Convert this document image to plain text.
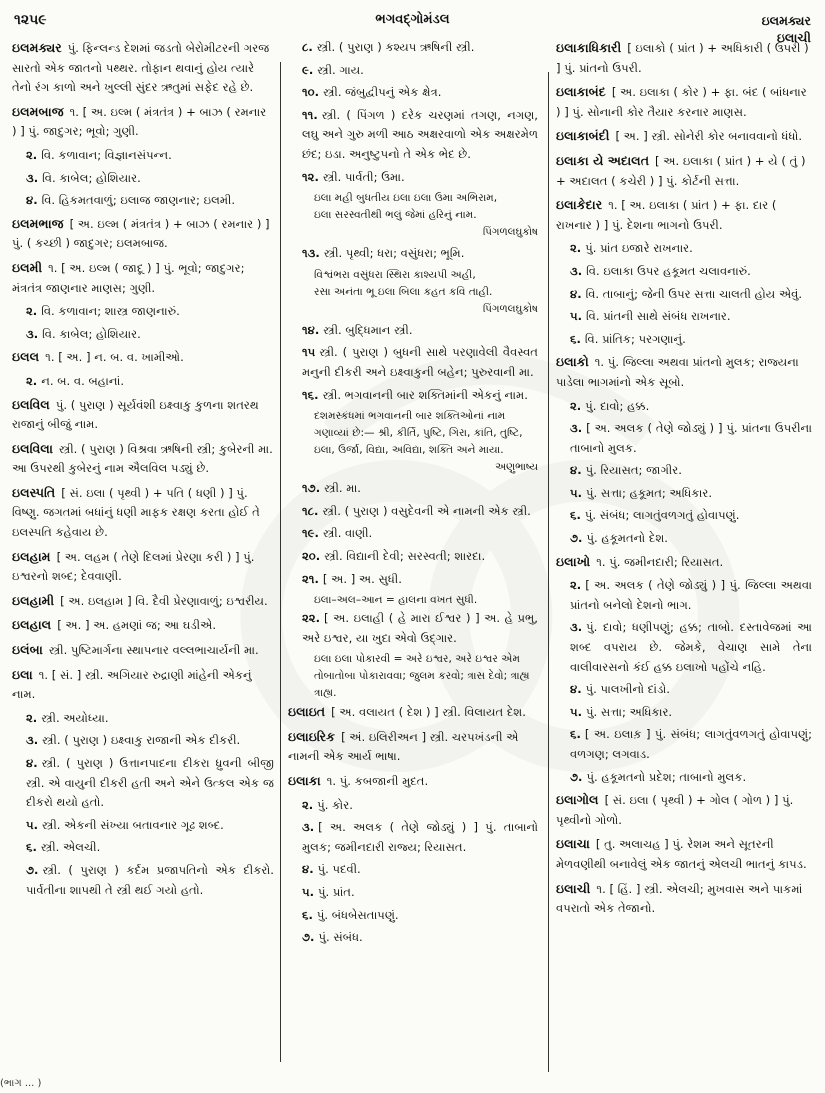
૧૨૫૯	ભગવદ્ગોમંડલ	ઇલમક્યર
ઇલાચી
ઇલમક્યર પું. ફિન્લન્ડ દેશમાં જડતો બેરોમીટરની ગરજ સારતો એક જાતનો પથ્થર. તોફાન થવાનું હોય ત્યારે તેનો રંગ કાળો અને ખુલ્લી સુંદર ઋતુમાં સફેદ રહે છે.
ઇલમબાજ ૧. [ અ. ઇલ્મ ( મંત્રતંત્ર ) + બાઝ ( રમનાર ) ] પું. જાદુગર; ભૂવો; ગુણી.
૨. વિ. કળાવાન; વિજ્ઞાનસંપન્ન.
૩. વિ. કાબેલ; હોશિયાર.
૪. વિ. હિકમતવાળું; ઇલાજ જાણનાર; ઇલમી.
ઇલમભાજ [ અ. ઇલ્મ ( મંત્રતંત્ર ) + બાઝ ( રમનાર ) ] પું. ( કચ્છી ) જાદુગર; ઇલમબાજ.
ઇલમી ૧. [ અ. ઇલ્મ ( જાદૂ ) ] પું. ભૂવો; જાદુગર; મંત્રતંત્ર જાણનાર માણસ; ગુણી.
૨. વિ. કળાવાન; શાસ્ત્ર જાણનારું.
૩. વિ. કાબેલ; હોશિયાર.
ઇલલ ૧. [ અ. ] ન. બ. વ. ખામીઓ.
૨. ન. બ. વ. બહાનાં.
ઇલવિલ પું. ( પુરાણ ) સૂર્યવંશી ઇક્ષ્વાકુ કુળના શતરથ રાજાનું બીજું નામ.
ઇલવિલા સ્ત્રી. ( પુરાણ ) વિશ્રવા ઋષિની સ્ત્રી; કુબેરની મા. આ ઉપરથી કુબેરનું નામ ઐલવિલ પડ્યું છે.
ઇલસ્પતિ [ સં. ઇલા ( પૃથ્વી ) + પતિ ( ધણી ) ] પું. વિષ્ણુ. જગતમાં બધાંનું ધણી માફક રક્ષણ કરતા હોઈ તે ઇલસ્પતિ કહેવાય છે.
ઇલહામ [ અ. લહમ ( તેણે દિલમાં પ્રેરણા કરી ) ] પું. ઇશ્વરનો શબ્દ; દેવવાણી.
ઇલહામી [ અ. ઇલહામ ] વિ. દૈવી પ્રેરણાવાળું; ઇશ્વરીય.
ઇલહાલ [ અ. ] અ. હમણાં જ; આ ઘડીએ.
ઇલંબા સ્ત્રી. પુષ્ટિમાર્ગના સ્થાપનાર વલ્લભાચાર્યની મા.
ઇલા ૧. [ સં. ] સ્ત્રી. અગિયાર રુદ્રાણી માંહેની એકનું નામ.
૨. સ્ત્રી. અયોધ્યા.
૩. સ્ત્રી. ( પુરાણ ) ઇક્ષ્વાકુ રાજાની એક દીકરી.
૪. સ્ત્રી. ( પુરાણ ) ઉત્તાનપાદના દીકરા ધ્રુવની બીજી સ્ત્રી. એ વાયુની દીકરી હતી અને એને ઉત્કલ એક જ દીકરો થયો હતો.
૫. સ્ત્રી. એકની સંખ્યા બતાવનાર ગૂઢ શબ્દ.
૬. સ્ત્રી. એલચી.
૭. સ્ત્રી. ( પુરાણ ) કર્દમ પ્રજાપતિનો એક દીકરો. પાર્વતીના શાપથી તે સ્ત્રી થઈ ગયો હતો.
૮. સ્ત્રી. ( પુરાણ ) કશ્યપ ઋષિની સ્ત્રી.
૯. સ્ત્રી. ગાય.
૧૦. સ્ત્રી. જંબુદ્વીપનું એક ક્ષેત્ર.
૧૧. સ્ત્રી. ( પિંગળ ) દરેક ચરણમાં તગણ, નગણ, લઘુ અને ગુરુ મળી આઠ અક્ષરવાળો એક અક્ષરમેળ છંદ; ઇડા. અનુષ્ટુપનો તે એક ભેદ છે.
૧૨. સ્ત્રી. પાર્વતી; ઉમા.
ઇલા મહી બુધતીય ઇલા ઇલા ઉમા અભિરામ,
ઇલા સરસ્વતીથી ભલું જેમાં હરિનું નામ.
પિંગળલઘુકોષ
૧૩. સ્ત્રી. પૃથ્વી; ધરા; વસુંધરા; ભૂમિ.
વિશ્વંભરા વસુંધરા સ્થિરા કાશ્યપી અહી,
રસા અનંતા ભૂ ઇલા બિલા કહત કવિ તાહી.
પિંગળલઘુકોષ
૧૪. સ્ત્રી. બુદ્ધિમાન સ્ત્રી.
૧૫ સ્ત્રી. ( પુરાણ ) બુધની સાથે પરણાવેલી વૈવસ્વત મનુની દીકરી અને ઇક્ષ્વાકુની બહેન; પુરુરવાની મા.
૧૬. સ્ત્રી. ભગવાનની બાર શક્તિમાંની એકનું નામ.
દશમસ્કંધમાં ભગવાનની બાર શક્તિઓનાં નામ ગણાવ્યાં છે:— શ્રી, કીર્તિ, પુષ્ટિ, ગિરા, કાંતિ, તુષ્ટિ, ઇલા, ઉર્જા, વિદ્યા, અવિદ્યા, શક્તિ અને માયા.
અણુભાષ્ય
૧૭. સ્ત્રી. મા.
૧૮. સ્ત્રી. ( પુરાણ ) વસુદેવની એ નામની એક સ્ત્રી.
૧૯. સ્ત્રી. વાણી.
૨૦. સ્ત્રી. વિદ્યાની દેવી; સરસ્વતી; શારદા.
૨૧. [ અ. ] અ. સુધી.
ઇલા–અલ–આન = હાલના વખત સુધી.
૨૨. [ અ. ઇલાહી ( હે મારા ઈશ્વર ) ] અ. હે પ્રભુ, અરે ઇશ્વર, યા ખુદા એવો ઉદ્ગાર.
ઇલા ઇલા પોકારવી = અરે ઇશ્વર, અરે ઇશ્વર એમ તોબાતોબા પોકારાવવા; જુલમ કરવો; ત્રાસ દેવો; ત્રાહ્ય ત્રાહ્ય.
ઇલાઇત [ અ. વલાયત ( દેશ ) ] સ્ત્રી. વિલાયત દેશ.
ઇલાઇરિક [ અં. ઇલિરીઅન ] સ્ત્રી. ચરપખંડની એ નામની એક આર્ય ભાષા.
ઇલાકા ૧. પું. કબજાની મુદત.
૨. પું. કોર.
૩. [ અ. અલક ( તેણે જોડ્યું ) ] પું. તાબાનો મુલક; જમીનદારી રાજ્ય; રિયાસત.
૪. પું. પદવી.
૫. પું. પ્રાંત.
૬. પું. બંધબેસતાપણું.
૭. પું. સંબંધ.
ઇલાકાધિકારી [ ઇલાકો ( પ્રાંત ) + અધિકારી ( ઉપરી ) ] પું. પ્રાંતનો ઉપરી.
ઇલાકાબંદ [ અ. ઇલાકા ( કોર ) + ફા. બંદ ( બાંધનાર ) ] પું. સોનાની કોર તૈયાર કરનાર માણસ.
ઇલાકાબંદી [ અ. ] સ્ત્રી. સોનેરી કોર બનાવવાનો ધંધો.
ઇલાકા યે અદાલત [ અ. ઇલાકા ( પ્રાંત ) + યે ( તું ) + અદાલત ( કચેરી ) ] પું. કોર્ટની સત્તા.
ઇલાકેદાર ૧. [ અ. ઇલાકા ( પ્રાંત ) + ફા. દાર ( રાખનાર ) ] પું. દેશના ભાગનો ઉપરી.
૨. પું. પ્રાંત ઇજારે રાખનાર.
૩. વિ. ઇલાકા ઉપર હકૂમત ચલાવનારું.
૪. વિ. તાબાનું; જેની ઉપર સત્તા ચાલતી હોય એવું.
૫. વિ. પ્રાંતની સાથે સંબંધ રાખનાર.
૬. વિ. પ્રાંતિક; પરગણાનું.
ઇલાકો ૧. પું. જિલ્લા અથવા પ્રાંતનો મુલક; રાજ્યના પાડેલા ભાગમાંનો એક સૂબો.
૨. પું. દાવો; હક્ક.
૩. [ અ. અલક ( તેણે જોડ્યું ) ] પું. પ્રાંતના ઉપરીના તાબાનો મુલક.
૪. પું. રિયાસત; જાગીર.
૫. પું. સત્તા; હકૂમત; અધિકાર.
૬. પું. સંબંધ; લાગતુંવળગતું હોવાપણું.
૭. પું. હકૂમતનો દેશ.
ઇલાખો ૧. પું. જમીનદારી; રિયાસત.
૨. [ અ. અલક ( તેણે જોડ્યું ) ] પું. જિલ્લા અથવા પ્રાંતનો બનેલો દેશનો ભાગ.
૩. પું. દાવો; ધણીપણું; હક્ક; તાબો. દસ્તાવેજમાં આ શબ્દ વપરાય છે. જેમકે, વેચાણ સામે તેના વાલીવારસનો કંઈ હક્ક ઇલાખો પહોંચે નહિ.
૪. પું. પાલખીનો દાંડો.
૫. પું. સત્તા; અધિકાર.
૬. [ અ. ઇલાક઼ ] પું. સંબંધ; લાગતુંવળગતું હોવાપણું; વળગણ; લગવાડ.
૭. પું. હકૂમતનો પ્રદેશ; તાબાનો મુલક.
ઇલાગોલ [ સં. ઇલા ( પૃથ્વી ) + ગોલ ( ગોળ ) ] પું. પૃથ્વીનો ગોળો.
ઇલાચા [ તુ. અલાચહ ] પું. રેશમ અને સૂતરની મેળવણીથી બનાવેલું એક જાતનું એલચી ભાતનું કાપડ.
ઇલાચી ૧. [ હિં. ] સ્ત્રી. એલચી; મુખવાસ અને પાકમાં વપરાતો એક તેજાનો.
(ભાગ ... )
